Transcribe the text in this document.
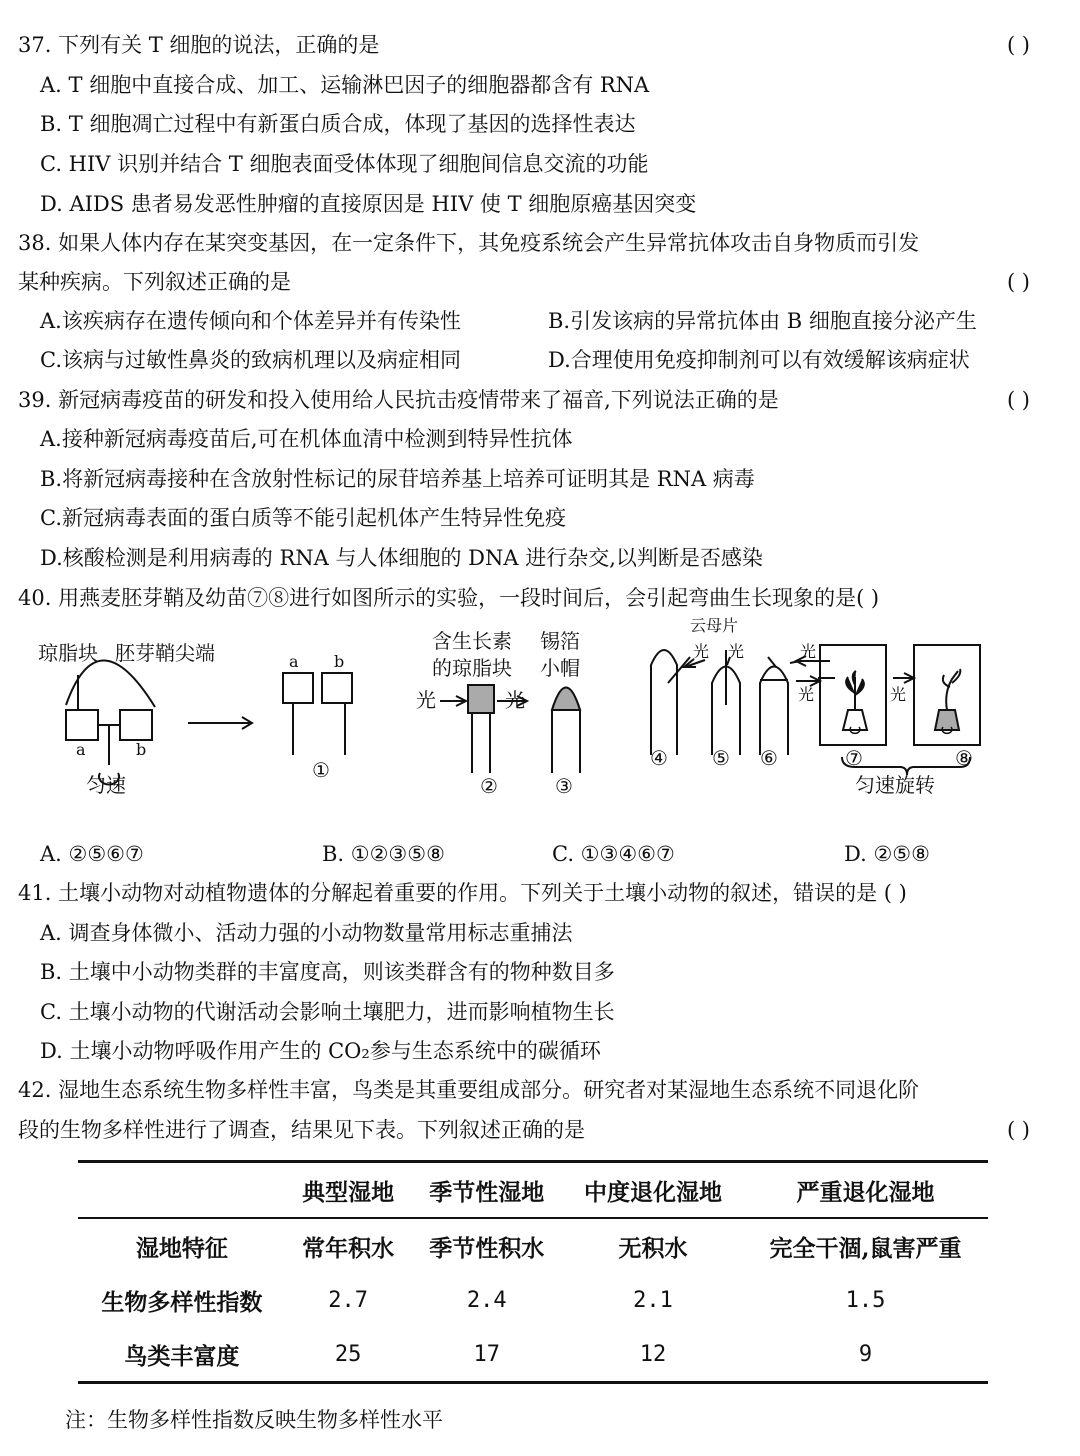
37. 下列有关 T 细胞的说法，正确的是	( )
A. T 细胞中直接合成、加工、运输淋巴因子的细胞器都含有 RNA
B. T 细胞凋亡过程中有新蛋白质合成，体现了基因的选择性表达
C. HIV 识别并结合 T 细胞表面受体体现了细胞间信息交流的功能
D. AIDS 患者易发恶性肿瘤的直接原因是 HIV 使 T 细胞原癌基因突变
38. 如果人体内存在某突变基因，在一定条件下，其免疫系统会产生异常抗体攻击自身物质而引发
某种疾病。下列叙述正确的是	( )
A.该疾病存在遗传倾向和个体差异并有传染性	B.引发该病的异常抗体由 B 细胞直接分泌产生
C.该病与过敏性鼻炎的致病机理以及病症相同	D.合理使用免疫抑制剂可以有效缓解该病症状
39. 新冠病毒疫苗的研发和投入使用给人民抗击疫情带来了福音,下列说法正确的是	( )
A.接种新冠病毒疫苗后,可在机体血清中检测到特异性抗体
B.将新冠病毒接种在含放射性标记的尿苷培养基上培养可证明其是 RNA 病毒
C.新冠病毒表面的蛋白质等不能引起机体产生特异性免疫
D.核酸检测是利用病毒的 RNA 与人体细胞的 DNA 进行杂交,以判断是否感染
40. 用燕麦胚芽鞘及幼苗⑦⑧进行如图所示的实验，一段时间后，会引起弯曲生长现象的是( )
琼脂块 胚芽鞘尖端
a	b
匀速
a b
①
含生长素
的琼脂块
锡箔
小帽
光	光
②	③
云母片
光 光	光
光	光
④ ⑤ ⑥	⑦	⑧
匀速旋转
A. ②⑤⑥⑦	B. ①②③⑤⑧	C. ①③④⑥⑦	D. ②⑤⑧
41. 土壤小动物对动植物遗体的分解起着重要的作用。下列关于土壤小动物的叙述，错误的是 ( )
A. 调查身体微小、活动力强的小动物数量常用标志重捕法
B. 土壤中小动物类群的丰富度高，则该类群含有的物种数目多
C. 土壤小动物的代谢活动会影响土壤肥力，进而影响植物生长
D. 土壤小动物呼吸作用产生的 CO₂参与生态系统中的碳循环
42. 湿地生态系统生物多样性丰富，鸟类是其重要组成部分。研究者对某湿地生态系统不同退化阶
段的生物多样性进行了调查，结果见下表。下列叙述正确的是	( )
	典型湿地	季节性湿地	中度退化湿地	严重退化湿地
湿地特征	常年积水	季节性积水	无积水	完全干涸,鼠害严重
生物多样性指数	2.7	2.4	2.1	1.5
鸟类丰富度	25	17	12	9
注：生物多样性指数反映生物多样性水平
